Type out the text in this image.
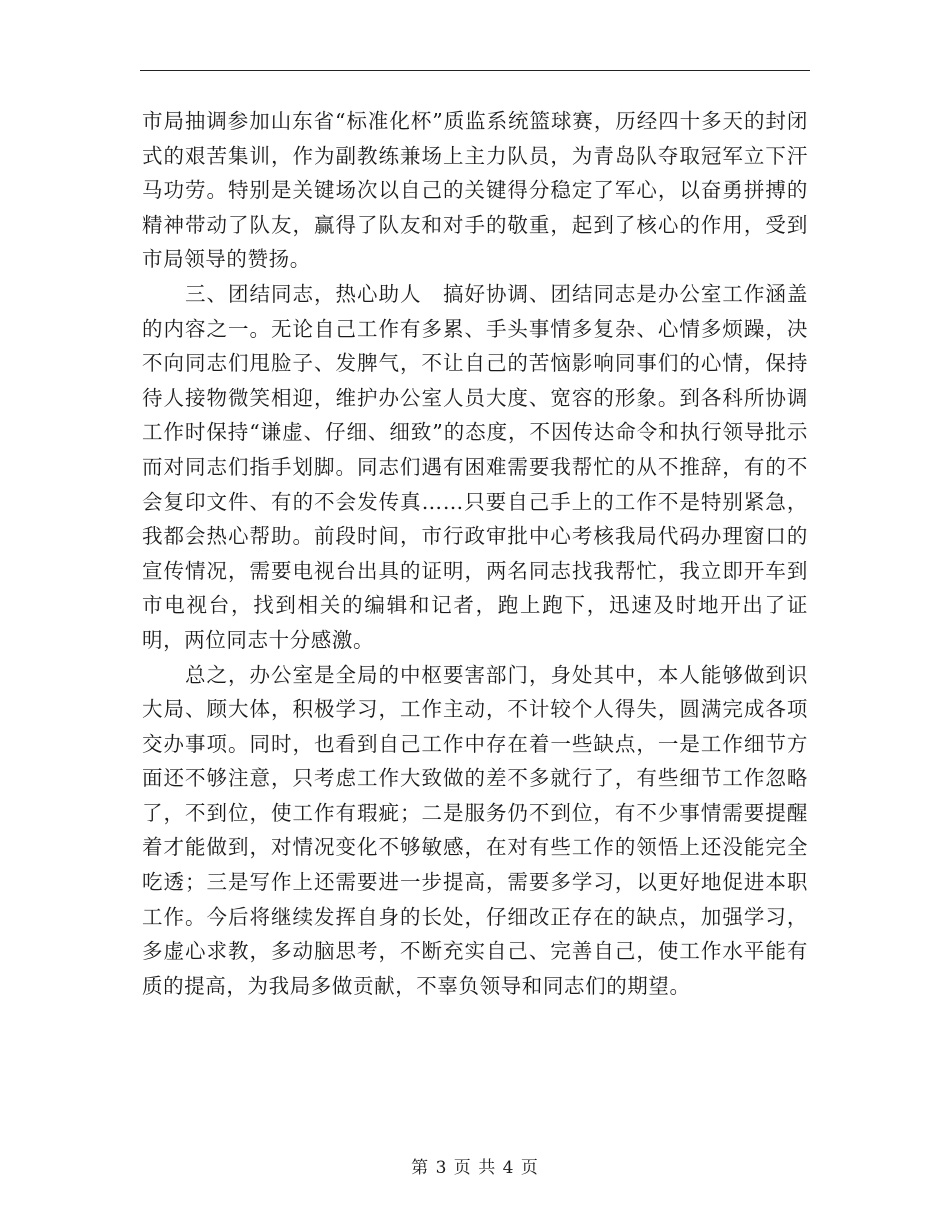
市局抽调参加山东省“标准化杯”质监系统篮球赛，历经四十多天的封闭式的艰苦集训，作为副教练兼场上主力队员，为青岛队夺取冠军立下汗马功劳。特别是关键场次以自己的关键得分稳定了军心，以奋勇拼搏的精神带动了队友，赢得了队友和对手的敬重，起到了核心的作用，受到市局领导的赞扬。

三、团结同志，热心助人　搞好协调、团结同志是办公室工作涵盖的内容之一。无论自己工作有多累、手头事情多复杂、心情多烦躁，决不向同志们甩脸子、发脾气，不让自己的苦恼影响同事们的心情，保持待人接物微笑相迎，维护办公室人员大度、宽容的形象。到各科所协调工作时保持“谦虚、仔细、细致”的态度，不因传达命令和执行领导批示而对同志们指手划脚。同志们遇有困难需要我帮忙的从不推辞，有的不会复印文件、有的不会发传真……只要自己手上的工作不是特别紧急，我都会热心帮助。前段时间，市行政审批中心考核我局代码办理窗口的宣传情况，需要电视台出具的证明，两名同志找我帮忙，我立即开车到市电视台，找到相关的编辑和记者，跑上跑下，迅速及时地开出了证明，两位同志十分感激。

总之，办公室是全局的中枢要害部门，身处其中，本人能够做到识大局、顾大体，积极学习，工作主动，不计较个人得失，圆满完成各项交办事项。同时，也看到自己工作中存在着一些缺点，一是工作细节方面还不够注意，只考虑工作大致做的差不多就行了，有些细节工作忽略了，不到位，使工作有瑕疵；二是服务仍不到位，有不少事情需要提醒着才能做到，对情况变化不够敏感，在对有些工作的领悟上还没能完全吃透；三是写作上还需要进一步提高，需要多学习，以更好地促进本职工作。今后将继续发挥自身的长处，仔细改正存在的缺点，加强学习，多虚心求教，多动脑思考，不断充实自己、完善自己，使工作水平能有质的提高，为我局多做贡献，不辜负领导和同志们的期望。

第 3 页 共 4 页
